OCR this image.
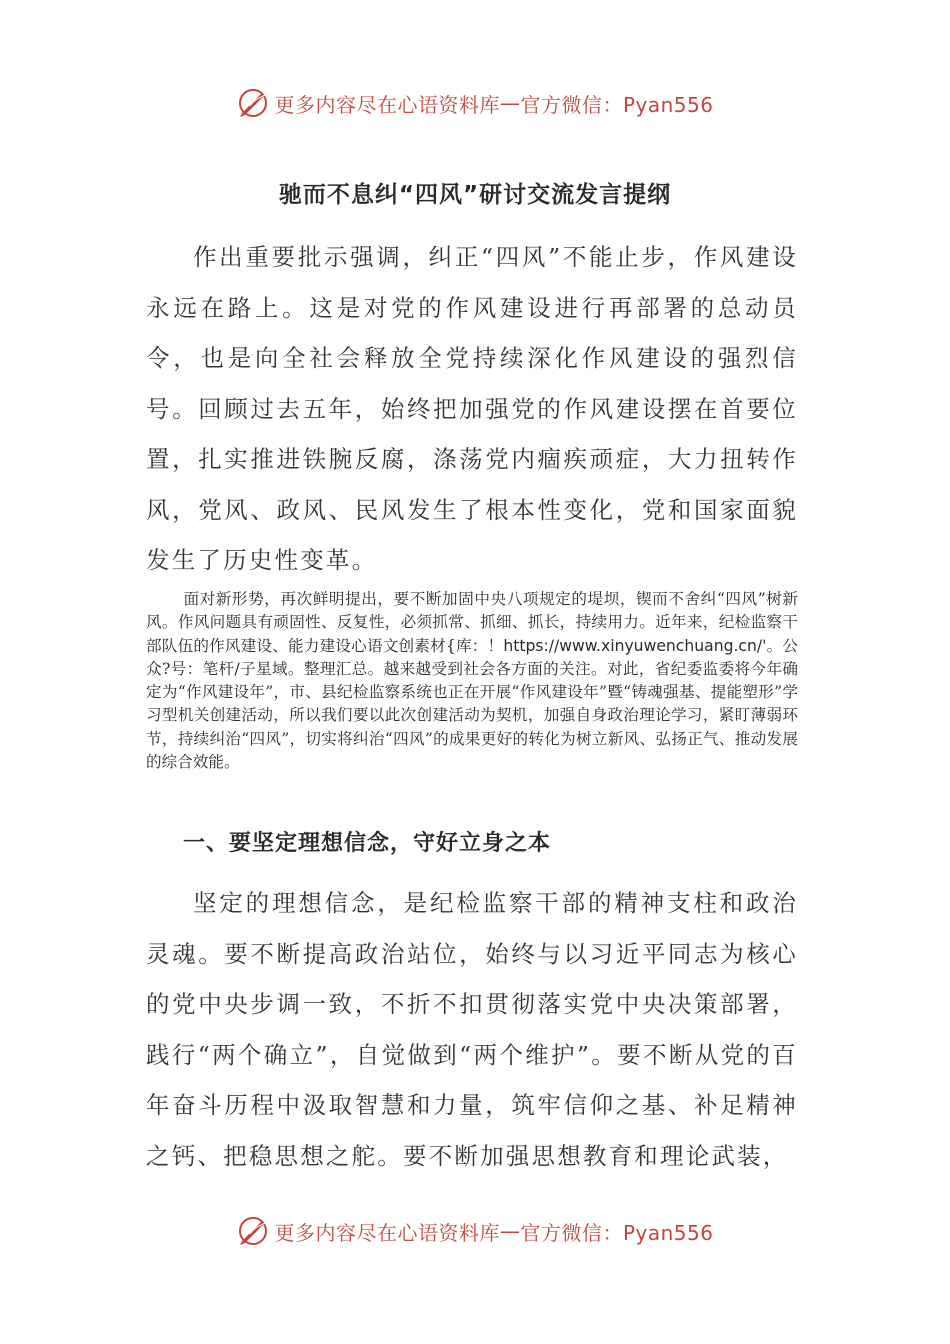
更多内容尽在心语资料库 — 官方微信：Pyan556
驰而不息纠“四风”研讨交流发言提纲

作出重要批示强调，纠正“四风”不能止步，作风建设永远在路上。这是对党的作风建设进行再部署的总动员令，也是向全社会释放全党持续深化作风建设的强烈信号。回顾过去五年，始终把加强党的作风建设摆在首要位置，扎实推进铁腕反腐，涤荡党内痼疾顽症，大力扭转作风，党风、政风、民风发生了根本性变化，党和国家面貌发生了历史性变革。

面对新形势，再次鲜明提出，要不断加固中央八项规定的堤坝，锲而不舍纠“四风”树新风。作风问题具有顽固性、反复性，必须抓常、抓细、抓长，持续用力。近年来，纪检监察干部队伍的作风建设、能力建设心语文创素材{库：！https://www.xinyuwenchuang.cn/'。公众?号：笔杆/子星域。整理汇总。越来越受到社会各方面的关注。对此，省纪委监委将今年确定为“作风建设年”，市、县纪检监察系统也正在开展“作风建设年”暨“铸魂强基、提能塑形”学习型机关创建活动，所以我们要以此次创建活动为契机，加强自身政治理论学习，紧盯薄弱环节，持续纠治“四风”，切实将纠治“四风”的成果更好的转化为树立新风、弘扬正气、推动发展的综合效能。

一、要坚定理想信念，守好立身之本

坚定的理想信念，是纪检监察干部的精神支柱和政治灵魂。要不断提高政治站位，始终与以习近平同志为核心的党中央步调一致，不折不扣贯彻落实党中央决策部署，践行“两个确立”，自觉做到“两个维护”。要不断从党的百年奋斗历程中汲取智慧和力量，筑牢信仰之基、补足精神之钙、把稳思想之舵。要不断加强思想教育和理论武装，

更多内容尽在心语资料库 — 官方微信：Pyan556
